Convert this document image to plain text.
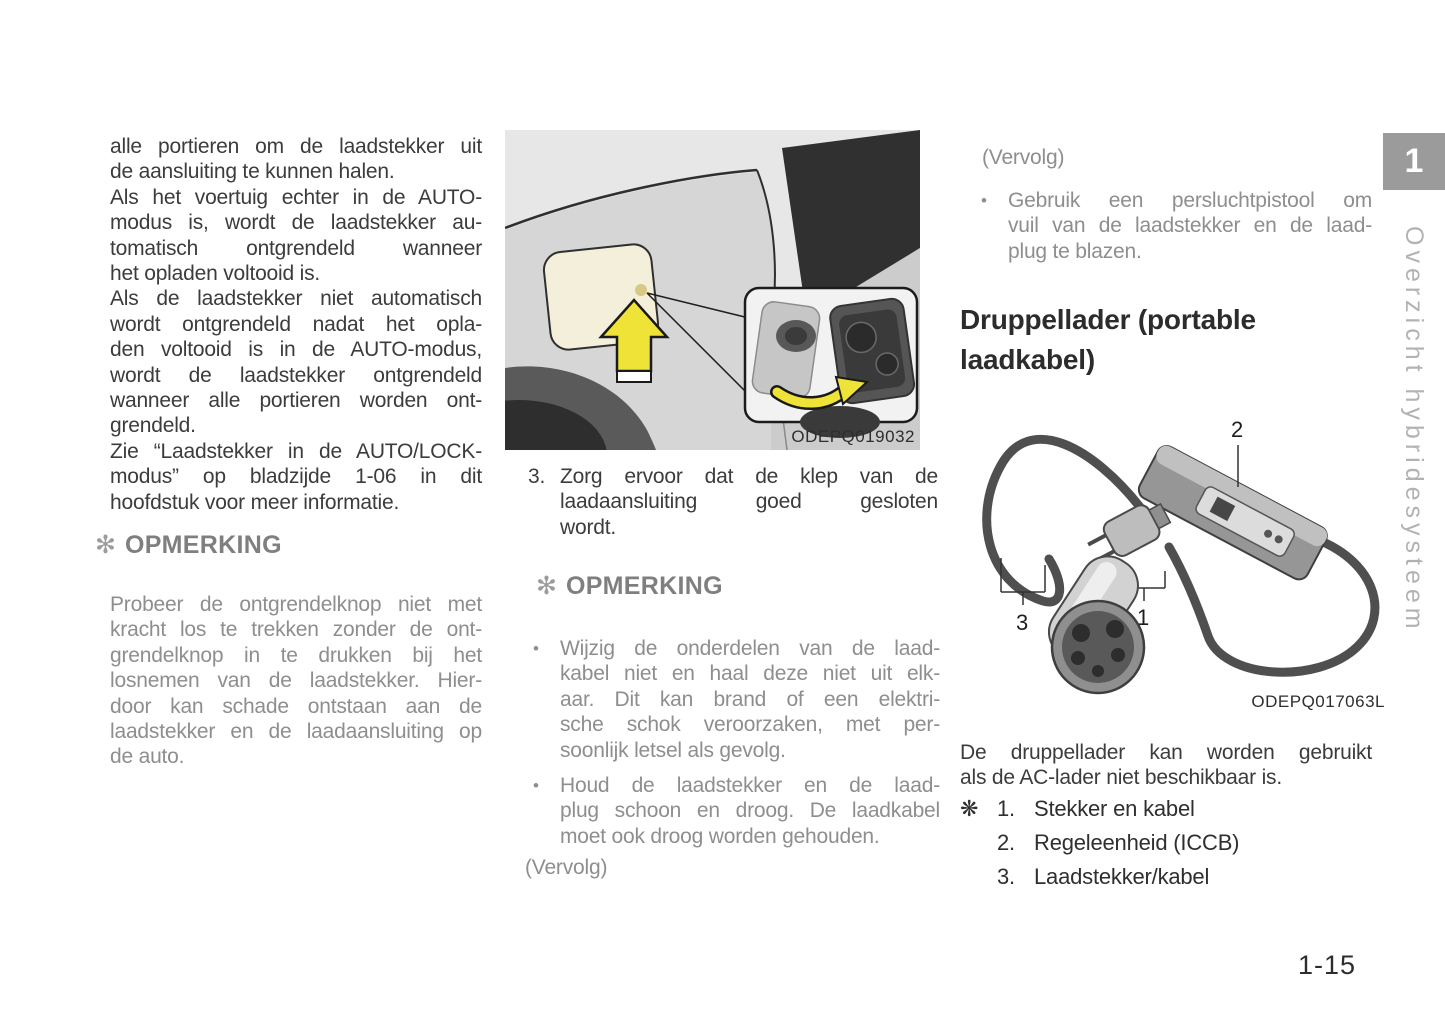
alle portieren om de laadstekker uit
de aansluiting te kunnen halen.
Als het voertuig echter in de AUTO-
modus is, wordt de laadstekker au-
tomatisch ontgrendeld wanneer
het opladen voltooid is.
Als de laadstekker niet automatisch
wordt ontgrendeld nadat het opla-
den voltooid is in de AUTO-modus,
wordt de laadstekker ontgrendeld
wanneer alle portieren worden ont-
grendeld.
Zie “Laadstekker in de AUTO/LOCK-
modus” op bladzijde 1-06 in dit
hoofdstuk voor meer informatie.
✻ OPMERKING
Probeer de ontgrendelknop niet met
kracht los te trekken zonder de ont-
grendelknop in te drukken bij het
losnemen van de laadstekker. Hier-
door kan schade ontstaan aan de
laadstekker en de laadaansluiting op
de auto.
ODEPQ019032
3. Zorg ervoor dat de klep van de
laadaansluiting goed gesloten
wordt.
✻ OPMERKING
•	Wijzig de onderdelen van de laad-
kabel niet en haal deze niet uit elk-
aar. Dit kan brand of een elektri-
sche schok veroorzaken, met per-
soonlijk letsel als gevolg.
•	Houd de laadstekker en de laad-
plug schoon en droog. De laadkabel
moet ook droog worden gehouden.
(Vervolg)
(Vervolg)
•	Gebruik een persluchtpistool om
vuil van de laadstekker en de laad-
plug te blazen.
Druppellader (portable
laadkabel)
2
1
3
ODEPQ017063L
De druppellader kan worden gebruikt
als de AC-lader niet beschikbaar is.
❋ 1. Stekker en kabel
2. Regeleenheid (ICCB)
3. Laadstekker/kabel
1
Overzicht hybridesysteem
1-15
